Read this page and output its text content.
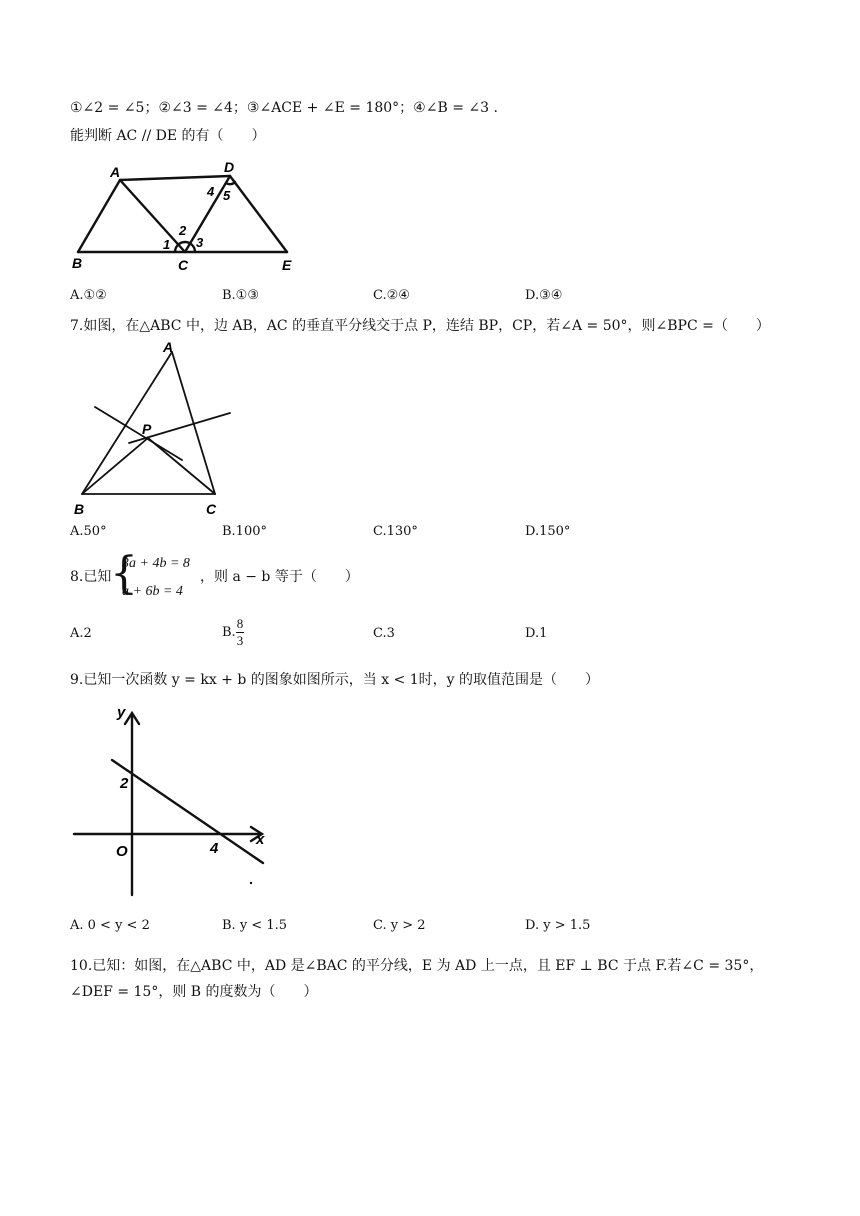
①∠2 = ∠5；②∠3 = ∠4；③∠ACE + ∠E = 180°；④∠B = ∠3 .
能判断 AC // DE 的有（　　）
A	D
B	C	E
1
2
3
4 5
A.①②	B.①③	C.②④	D.③④
7.如图，在△ABC 中，边 AB，AC 的垂直平分线交于点 P，连结 BP，CP，若∠A = 50°，则∠BPC =（　　）
A
B	C
P
A.50°	B.100°	C.130°	D.150°
8.已知
{
3a + 4b = 8
a + 6b = 4
，则 a − b 等于（　　）
A.2	B. $\frac{8}{3}$	C.3	D.1
9.已知一次函数 y = kx + b 的图象如图所示，当 x < 1时，y 的取值范围是（　　）
y
x
O
2
4
A. 0 < y < 2	B. y < 1.5	C. y > 2	D. y > 1.5
10.已知：如图，在△ABC 中，AD 是∠BAC 的平分线，E 为 AD 上一点，且 EF ⊥ BC 于点 F.若∠C = 35°，
∠DEF = 15°，则 B 的度数为（　　）
